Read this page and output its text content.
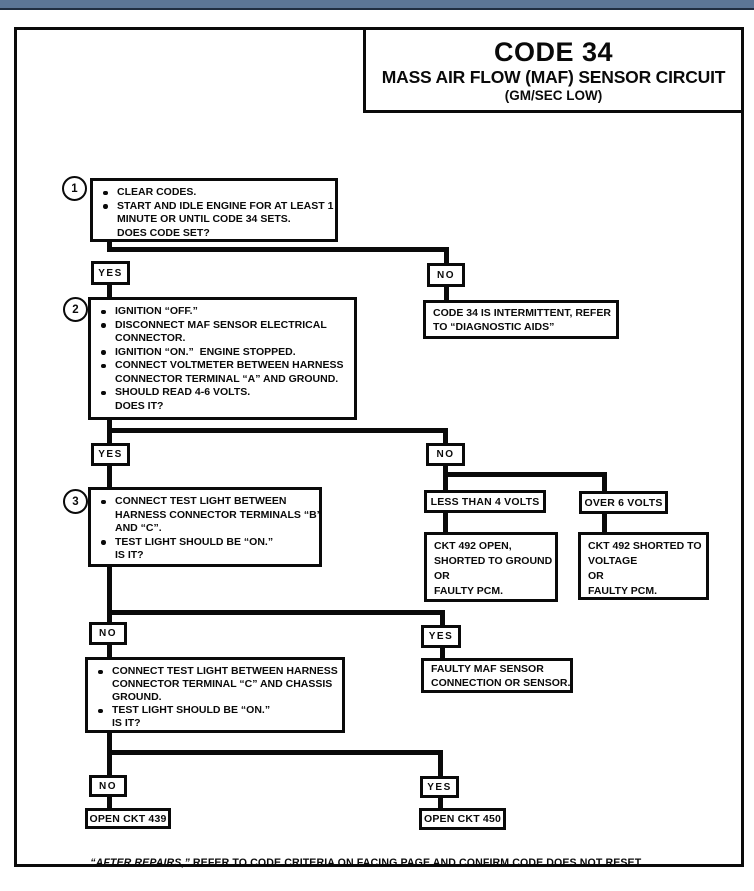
CODE 34
MASS AIR FLOW (MAF) SENSOR CIRCUIT
(GM/SEC LOW)
1	CLEAR CODES.
START AND IDLE ENGINE FOR AT LEAST 1
MINUTE OR UNTIL CODE 34 SETS.
DOES CODE SET?
YES	NO
CODE 34 IS INTERMITTENT, REFER
TO “DIAGNOSTIC AIDS”
2	IGNITION “OFF.”
DISCONNECT MAF SENSOR ELECTRICAL
CONNECTOR.
IGNITION “ON.”  ENGINE STOPPED.
CONNECT VOLTMETER BETWEEN HARNESS
CONNECTOR TERMINAL “A” AND GROUND.
SHOULD READ 4-6 VOLTS.
DOES IT?
YES	NO
LESS THAN 4 VOLTS	OVER 6 VOLTS
CKT 492 OPEN,
SHORTED TO GROUND
OR
FAULTY PCM.
CKT 492 SHORTED TO
VOLTAGE
OR
FAULTY PCM.
3	CONNECT TEST LIGHT BETWEEN
HARNESS CONNECTOR TERMINALS “B”
AND “C”.
TEST LIGHT SHOULD BE “ON.”
IS IT?
NO	YES
FAULTY MAF SENSOR
CONNECTION OR SENSOR.
CONNECT TEST LIGHT BETWEEN HARNESS
CONNECTOR TERMINAL “C” AND CHASSIS
GROUND.
TEST LIGHT SHOULD BE “ON.”
IS IT?
NO	YES
OPEN CKT 439	OPEN CKT 450

“AFTER REPAIRS,” REFER TO CODE CRITERIA ON FACING PAGE AND CONFIRM CODE DOES NOT RESET.
